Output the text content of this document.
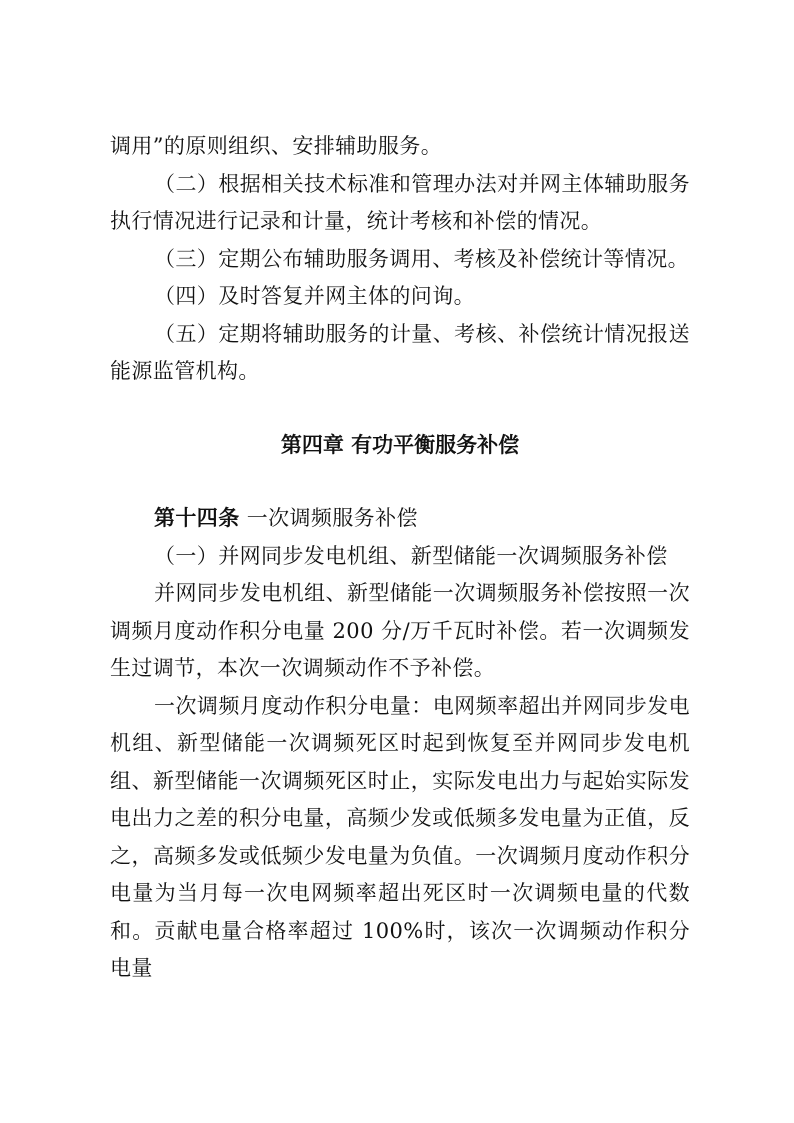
调用”的原则组织、安排辅助服务。

（二）根据相关技术标准和管理办法对并网主体辅助服务执行情况进行记录和计量，统计考核和补偿的情况。

（三）定期公布辅助服务调用、考核及补偿统计等情况。

（四）及时答复并网主体的问询。

（五）定期将辅助服务的计量、考核、补偿统计情况报送能源监管机构。

第四章 有功平衡服务补偿

第十四条 一次调频服务补偿

（一）并网同步发电机组、新型储能一次调频服务补偿

并网同步发电机组、新型储能一次调频服务补偿按照一次调频月度动作积分电量 200 分/万千瓦时补偿。若一次调频发生过调节，本次一次调频动作不予补偿。

一次调频月度动作积分电量：电网频率超出并网同步发电机组、新型储能一次调频死区时起到恢复至并网同步发电机组、新型储能一次调频死区时止，实际发电出力与起始实际发电出力之差的积分电量，高频少发或低频多发电量为正值，反之，高频多发或低频少发电量为负值。一次调频月度动作积分电量为当月每一次电网频率超出死区时一次调频电量的代数和。贡献电量合格率超过 100%时，该次一次调频动作积分电量
